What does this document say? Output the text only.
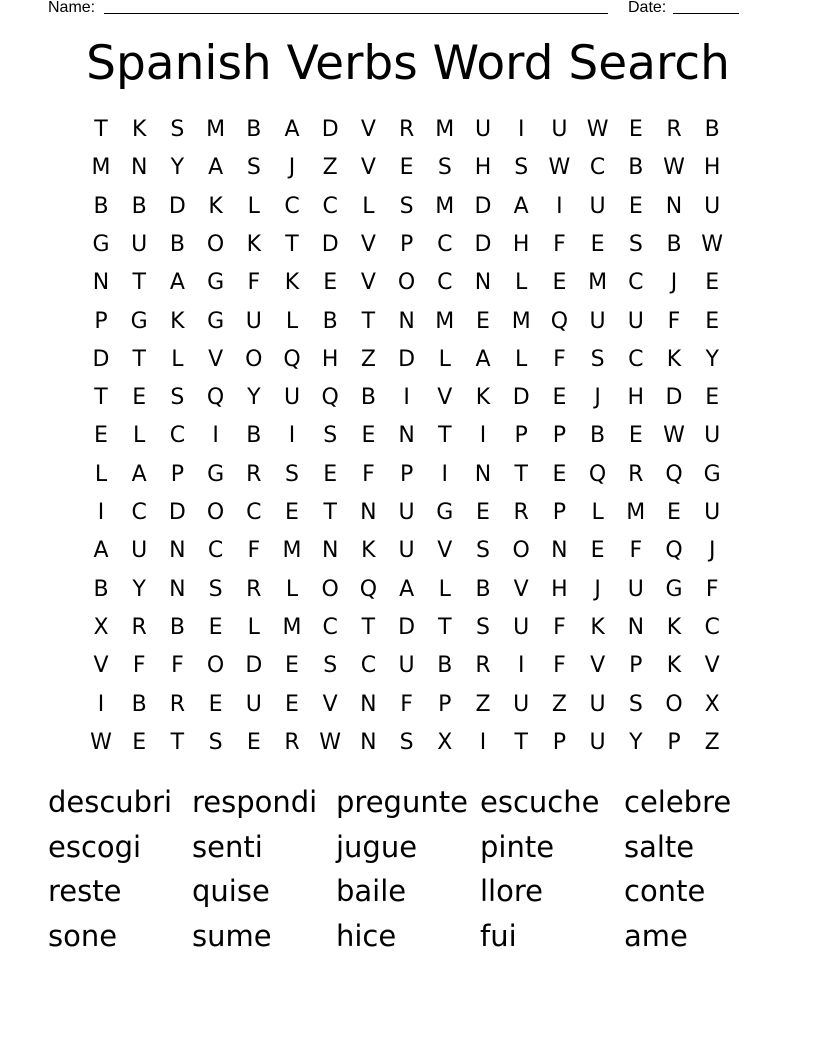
Name:	Date:
Spanish Verbs Word Search
T	K	S M B	A	D	V	R M U	I	U W E	R	B
M N	Y	A	S	J	Z	V	E	S	H	S W C	B W H
B	B	D	K	L	C	C	L	S M D	A	I	U	E	N U
G U	B O	K	T	D	V	P	C	D H	F	E	S	B W
N	T	A	G	F	K	E	V	O C	N	L	E M C	J	E
P	G	K	G U	L	B	T	N M E M Q U	U	F	E
D	T	L	V	O Q H	Z	D	L	A	L	F	S	C	K	Y
T	E	S	Q	Y	U Q	B	I	V	K	D	E	J	H D	E
E	L	C	I	B	I	S	E	N	T	I	P	P	B	E W U
L	A	P	G	R	S	E	F	P	I	N	T	E	Q R Q G
I	C	D O C	E	T	N U G	E	R	P	L	M E	U
A	U N	C	F	M N	K	U	V	S	O N	E	F	Q	J
B	Y	N	S	R	L	O Q	A	L	B	V	H	J	U G	F
X	R	B	E	L	M C	T	D	T	S	U	F	K	N	K	C
V	F	F	O D	E	S	C	U	B	R	I	F	V	P	K	V
I	B	R	E	U	E	V	N	F	P	Z	U	Z	U	S	O X
W E	T	S	E	R W N	S	X	I	T	P	U	Y	P	Z
descubri respondi pregunte escuche celebre
escogi	senti	jugue	pinte	salte
reste	quise	baile	llore	conte
sone	sume	hice	fui	ame
